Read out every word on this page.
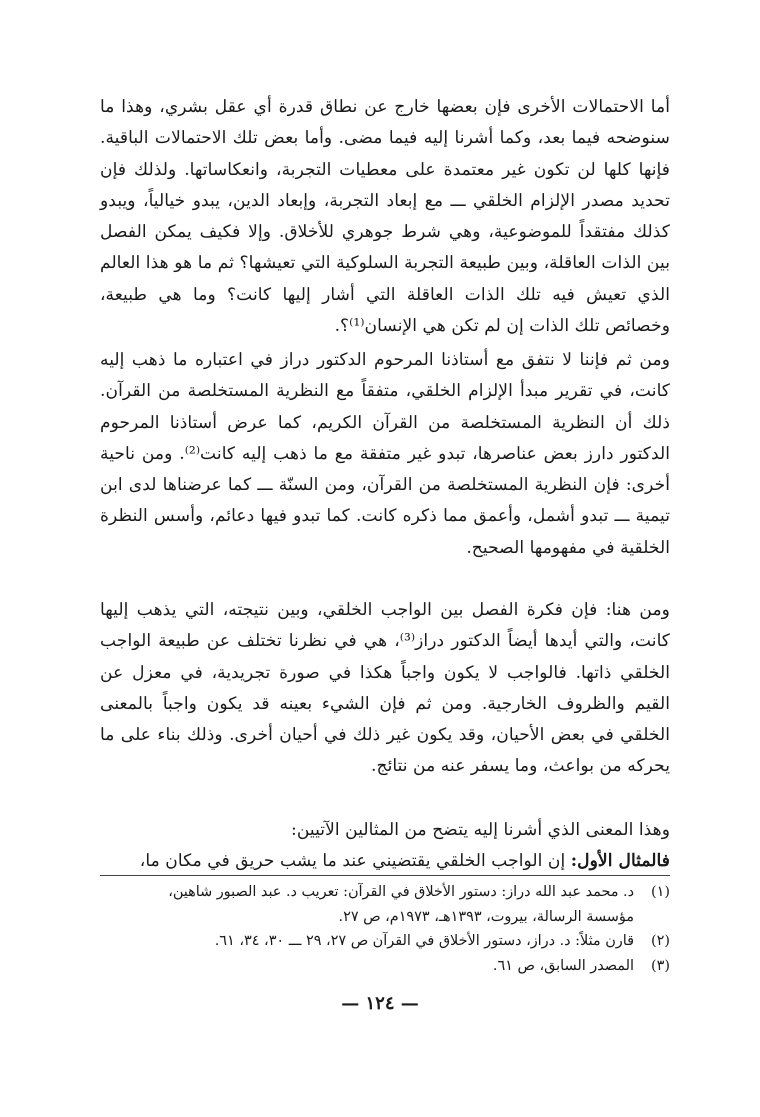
أما الاحتمالات الأخرى فإن بعضها خارج عن نطاق قدرة أي عقل بشري، وهذا ما سنوضحه فيما بعد، وكما أشرنا إليه فيما مضى. وأما بعض تلك الاحتمالات الباقية. فإنها كلها لن تكون غير معتمدة على معطيات التجربة، وانعكاساتها. ولذلك فإن تحديد مصدر الإلزام الخلقي ـــ مع إبعاد التجربة، وإبعاد الدين، يبدو خيالياً، ويبدو كذلك مفتقداً للموضوعية، وهي شرط جوهري للأخلاق. وإلا فكيف يمكن الفصل بين الذات العاقلة، وبين طبيعة التجربة السلوكية التي تعيشها؟ ثم ما هو هذا العالم الذي تعيش فيه تلك الذات العاقلة التي أشار إليها كانت؟ وما هي طبيعة، وخصائص تلك الذات إن لم تكن هي الإنسان⁽¹⁾؟.

ومن ثم فإننا لا نتفق مع أستاذنا المرحوم الدكتور دراز في اعتباره ما ذهب إليه كانت، في تقرير مبدأ الإلزام الخلقي، متفقاً مع النظرية المستخلصة من القرآن. ذلك أن النظرية المستخلصة من القرآن الكريم، كما عرض أستاذنا المرحوم الدكتور دارز بعض عناصرها، تبدو غير متفقة مع ما ذهب إليه كانت⁽²⁾. ومن ناحية أخرى: فإن النظرية المستخلصة من القرآن، ومن السنّة ـــ كما عرضناها لدى ابن تيمية ـــ تبدو أشمل، وأعمق مما ذكره كانت. كما تبدو فيها دعائم، وأسس النظرة الخلقية في مفهومها الصحيح.

ومن هنا: فإن فكرة الفصل بين الواجب الخلقي، وبين نتيجته، التي يذهب إليها كانت، والتي أيدها أيضاً الدكتور دراز⁽³⁾، هي في نظرنا تختلف عن طبيعة الواجب الخلقي ذاتها. فالواجب لا يكون واجباً هكذا في صورة تجريدية، في معزل عن القيم والظروف الخارجية. ومن ثم فإن الشيء بعينه قد يكون واجباً بالمعنى الخلقي في بعض الأحيان، وقد يكون غير ذلك في أحيان أخرى. وذلك بناء على ما يحركه من بواعث، وما يسفر عنه من نتائج.

وهذا المعنى الذي أشرنا إليه يتضح من المثالين الآتيين:

فالمثال الأول: إن الواجب الخلقي يقتضيني عند ما يشب حريق في مكان ما،

(١)د. محمد عبد الله دراز: دستور الأخلاق في القرآن: تعريب د. عبد الصبور شاهين،

مؤسسة الرسالة، بيروت، ١٣٩٣هـ، ١٩٧٣م، ص ٢٧.

(٢)قارن مثلاً: د. دراز، دستور الأخلاق في القرآن ص ٢٧، ٢٩ ـــ ٣٠، ٣٤، ٦١.

(٣)المصدر السابق، ص ٦١.

— ١٢٤ —
